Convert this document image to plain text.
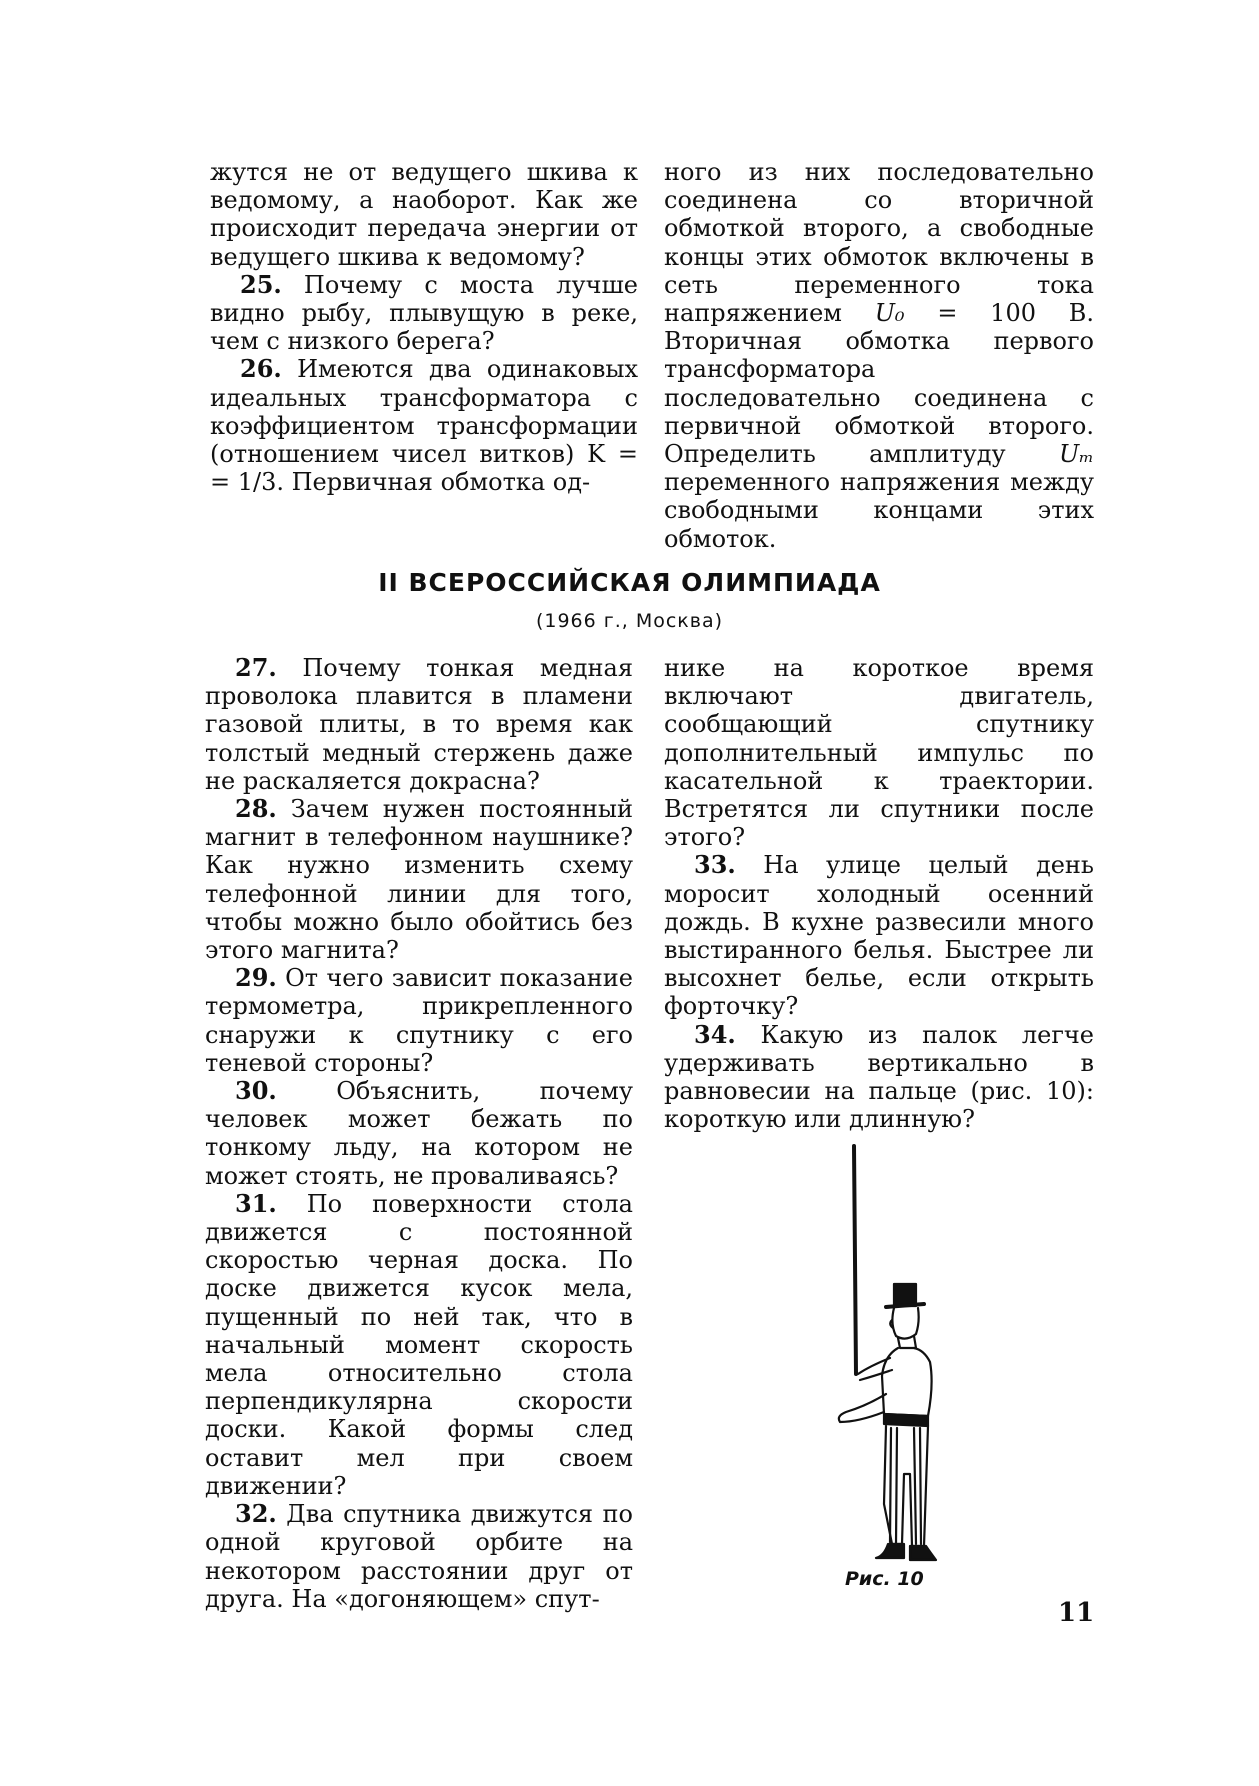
жутся не от ведущего шкива к ведомому, а наоборот. Как же происходит передача энергии от ведущего шкива к ведомому?

25. Почему с моста лучше видно рыбу, плывущую в реке, чем с низкого берега?

26. Имеются два одинаковых идеальных трансформатора с коэффициентом трансформации (отношением чисел витков) K = = 1/3. Первичная обмотка од-

ного из них последовательно соединена со вторичной обмоткой второго, а свободные концы этих обмоток включены в сеть переменного тока напряжением U₀ = 100 В. Вторичная обмотка первого трансформатора последовательно соединена с первичной обмоткой второго. Определить амплитуду Uₘ переменного напряжения между свободными концами этих обмоток.

II ВСЕРОССИЙСКАЯ ОЛИМПИАДА
(1966 г., Москва)

27. Почему тонкая медная проволока плавится в пламени газовой плиты, в то время как толстый медный стержень даже не раскаляется докрасна?

28. Зачем нужен постоянный магнит в телефонном наушнике? Как нужно изменить схему телефонной линии для того, чтобы можно было обойтись без этого магнита?

29. От чего зависит показание термометра, прикрепленного снаружи к спутнику с его теневой стороны?

30. Объяснить, почему человек может бежать по тонкому льду, на котором не может стоять, не проваливаясь?

31. По поверхности стола движется с постоянной скоростью черная доска. По доске движется кусок мела, пущенный по ней так, что в начальный момент скорость мела относительно стола перпендикулярна скорости доски. Какой формы след оставит мел при своем движении?

32. Два спутника движутся по одной круговой орбите на некотором расстоянии друг от друга. На «догоняющем» спут-

нике на короткое время включают двигатель, сообщающий спутнику дополнительный импульс по касательной к траектории. Встретятся ли спутники после этого?

33. На улице целый день моросит холодный осенний дождь. В кухне развесили много выстиранного белья. Быстрее ли высохнет белье, если открыть форточку?

34. Какую из палок легче удерживать вертикально в равновесии на пальце (рис. 10): короткую или длинную?

Рис. 10
11
